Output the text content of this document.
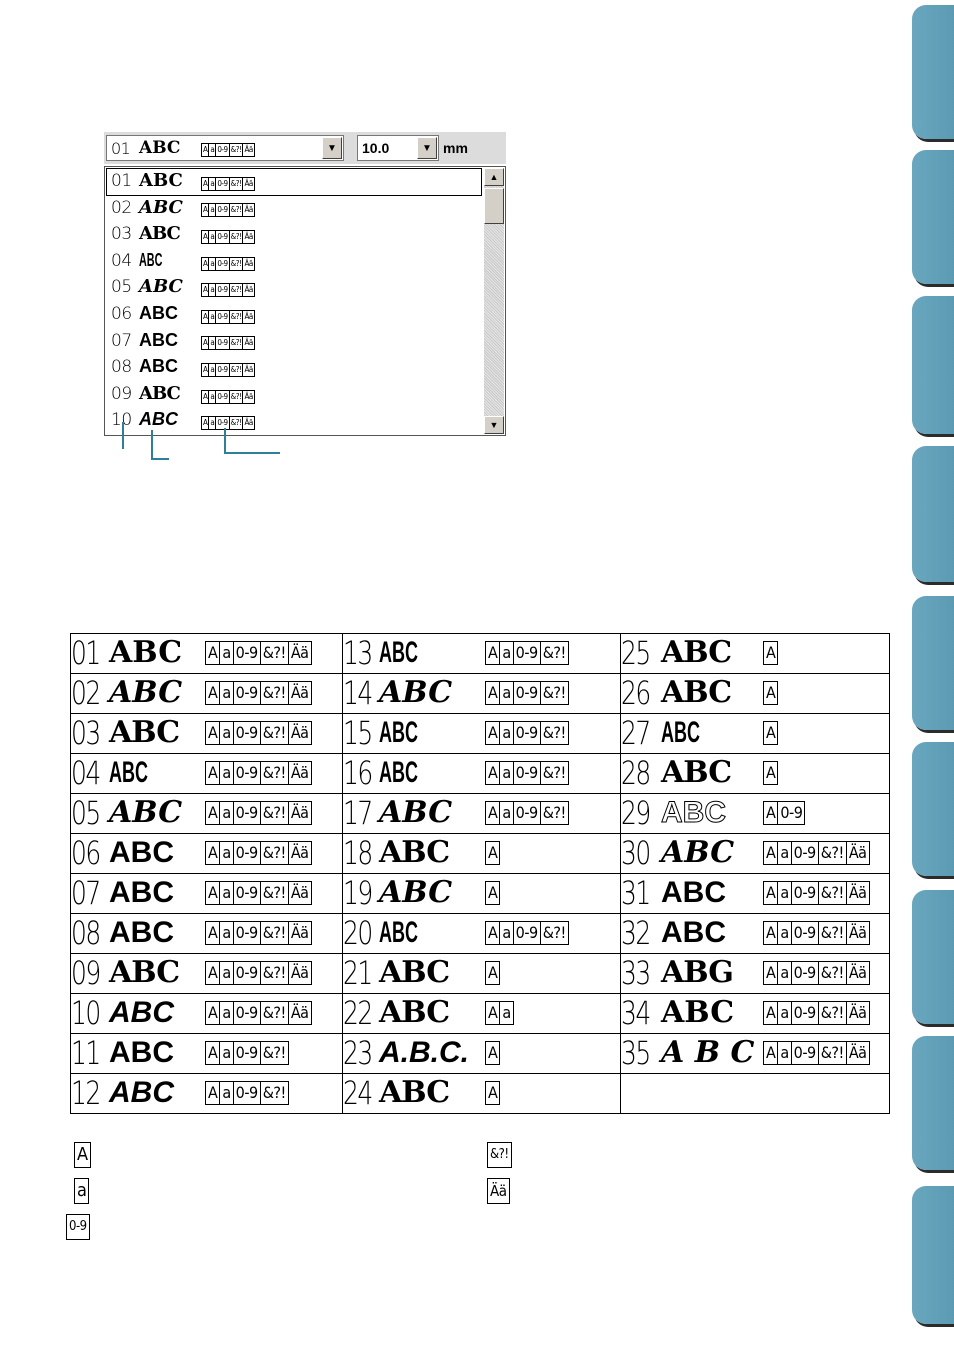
01 ABC	A a 0-9 &?! Ää	▼ 10.0	▼ mm
▲
▼
01 ABC	A a 0-9 &?! Ää
02 ABC	A a 0-9 &?! Ää
03 ABC	A a 0-9 &?! Ää
04 ABC	A a 0-9 &?! Ää
05 ABC	A a 0-9 &?! Ää
06 ABC	A a 0-9 &?! Ää
07 ABC	A a 0-9 &?! Ää
08 ABC	A a 0-9 &?! Ää
09 ABC	A a 0-9 &?! Ää
10 ABC	A a 0-9 &?! Ää
01 ABC A a 0-9 &?! Ää	13 ABC A a 0-9 &?!	25 ABC A

02 ABC A a 0-9 &?! Ää	14 ABC A a 0-9 &?!	26 ABC A

03 ABC A a 0-9 &?! Ää	15 ABC A a 0-9 &?!	27 ABC A

04 ABC A a 0-9 &?! Ää	16 ABC A a 0-9 &?!	28 ABC A

05 ABC A a 0-9 &?! Ää	17 ABC A a 0-9 &?!	29 ABC A 0-9

06 ABC A a 0-9 &?! Ää	18 ABC A	30 ABC A a 0-9 &?! Ää

07 ABC A a 0-9 &?! Ää	19 ABC A	31 ABC A a 0-9 &?! Ää

08 ABC A a 0-9 &?! Ää	20 ABC A a 0-9 &?!	32 ABC A a 0-9 &?! Ää

09 ABC A a 0-9 &?! Ää	21 ABC A	33 ABG A a 0-9 &?! Ää

10 ABC A a 0-9 &?! Ää	22 ABC A a	34 ABC A a 0-9 &?! Ää

11 ABC A a 0-9 &?!	23 A.B.C. A	35 A B C A a 0-9 &?! Ää

12 ABC A a 0-9 &?!	24 ABC A	

A
a
0-9
&?!
Ää
